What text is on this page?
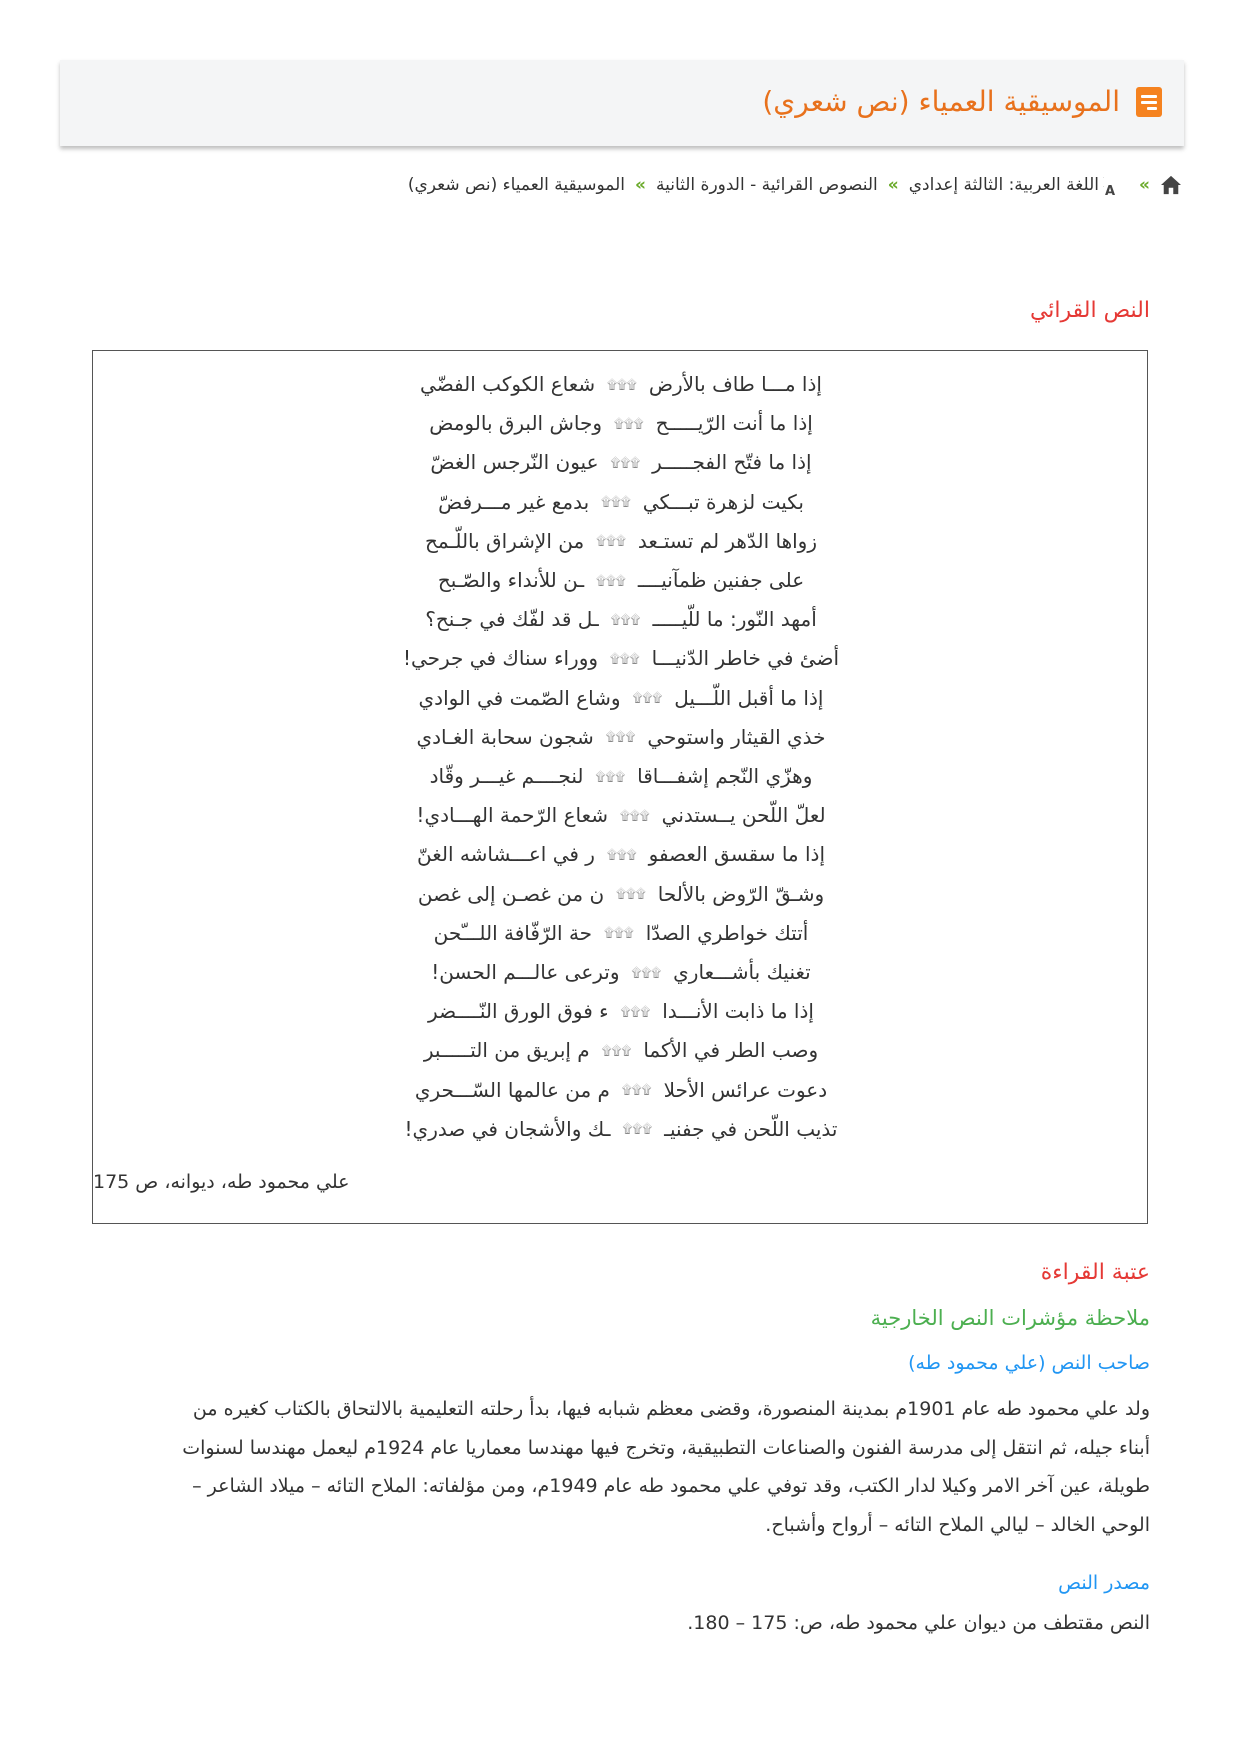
الموسيقية العمياء (نص شعري)
»
A
اللغة العربية: الثالثة إعدادي
»
النصوص القرائية - الدورة الثانية
»
الموسيقية العمياء (نص شعري)
النص القرائي
علي محمود طه، ديوانه، ص 175
إذا مـــا طاف بالأرض۩۩۩شعاع الكوكب الفضّي
إذا ما أنت الرّيـــــح۩۩۩وجاش البرق بالومض
إذا ما فتّح الفجـــــر۩۩۩عيون النّرجس الغضّ
بكيت لزهرة تبـــكي۩۩۩بدمع غير مـــرفضّ
زواها الدّهر لم تستـعد۩۩۩من الإشراق باللّـمح
على جفنين ظمآنيــــ۩۩۩ـن للأنداء والصّـبح
أمهد النّور: ما للّيـــــ۩۩۩ـل قد لفّك في جـنح؟
أضئ في خاطر الدّنيـــا۩۩۩ووراء سناك في جرحي!
إذا ما أقبل اللّـــيل۩۩۩وشاع الصّمت في الوادي
خذي القيثار واستوحي۩۩۩شجون سحابة الغـادي
وهزّي النّجم إشفـــاقا۩۩۩لنجــــم غيـــر وقّاد
لعلّ اللّحن يــستدني۩۩۩شعاع الرّحمة الهـــادي!
إذا ما سقسق العصفو۩۩۩ر في اعـــشاشه الغنّ
وشـقّ الرّوض بالألحا۩۩۩ن من غصـن إلى غصن
أتتك خواطري الصدّا۩۩۩حة الرّفّافة اللـــّحن
تغنيك بأشـــعاري۩۩۩وترعى عالـــم الحسن!
إذا ما ذابت الأنـــدا۩۩۩ء فوق الورق النّــــضر
وصب الطر في الأكما۩۩۩م إبريق من التـــــبر
دعوت عرائس الأحلا۩۩۩م من عالمها السّـــحري
تذيب اللّحن في جفنيـ۩۩۩ـك والأشجان في صدري!
عتبة القراءة
ملاحظة مؤشرات النص الخارجية
صاحب النص (علي محمود طه)
ولد علي محمود طه عام 1901م بمدينة المنصورة، وقضى معظم شبابه فيها، بدأ رحلته التعليمية بالالتحاق بالكتاب كغيره من
أبناء جيله، ثم انتقل إلى مدرسة الفنون والصناعات التطبيقية، وتخرج فيها مهندسا معماريا عام 1924م ليعمل مهندسا لسنوات
طويلة، عين آخر الامر وكيلا لدار الكتب، وقد توفي علي محمود طه عام 1949م، ومن مؤلفاته: الملاح التائه – ميلاد الشاعر –
الوحي الخالد – ليالي الملاح التائه – أرواح وأشباح.
مصدر النص
النص مقتطف من ديوان علي محمود طه، ص: 175 – 180.
